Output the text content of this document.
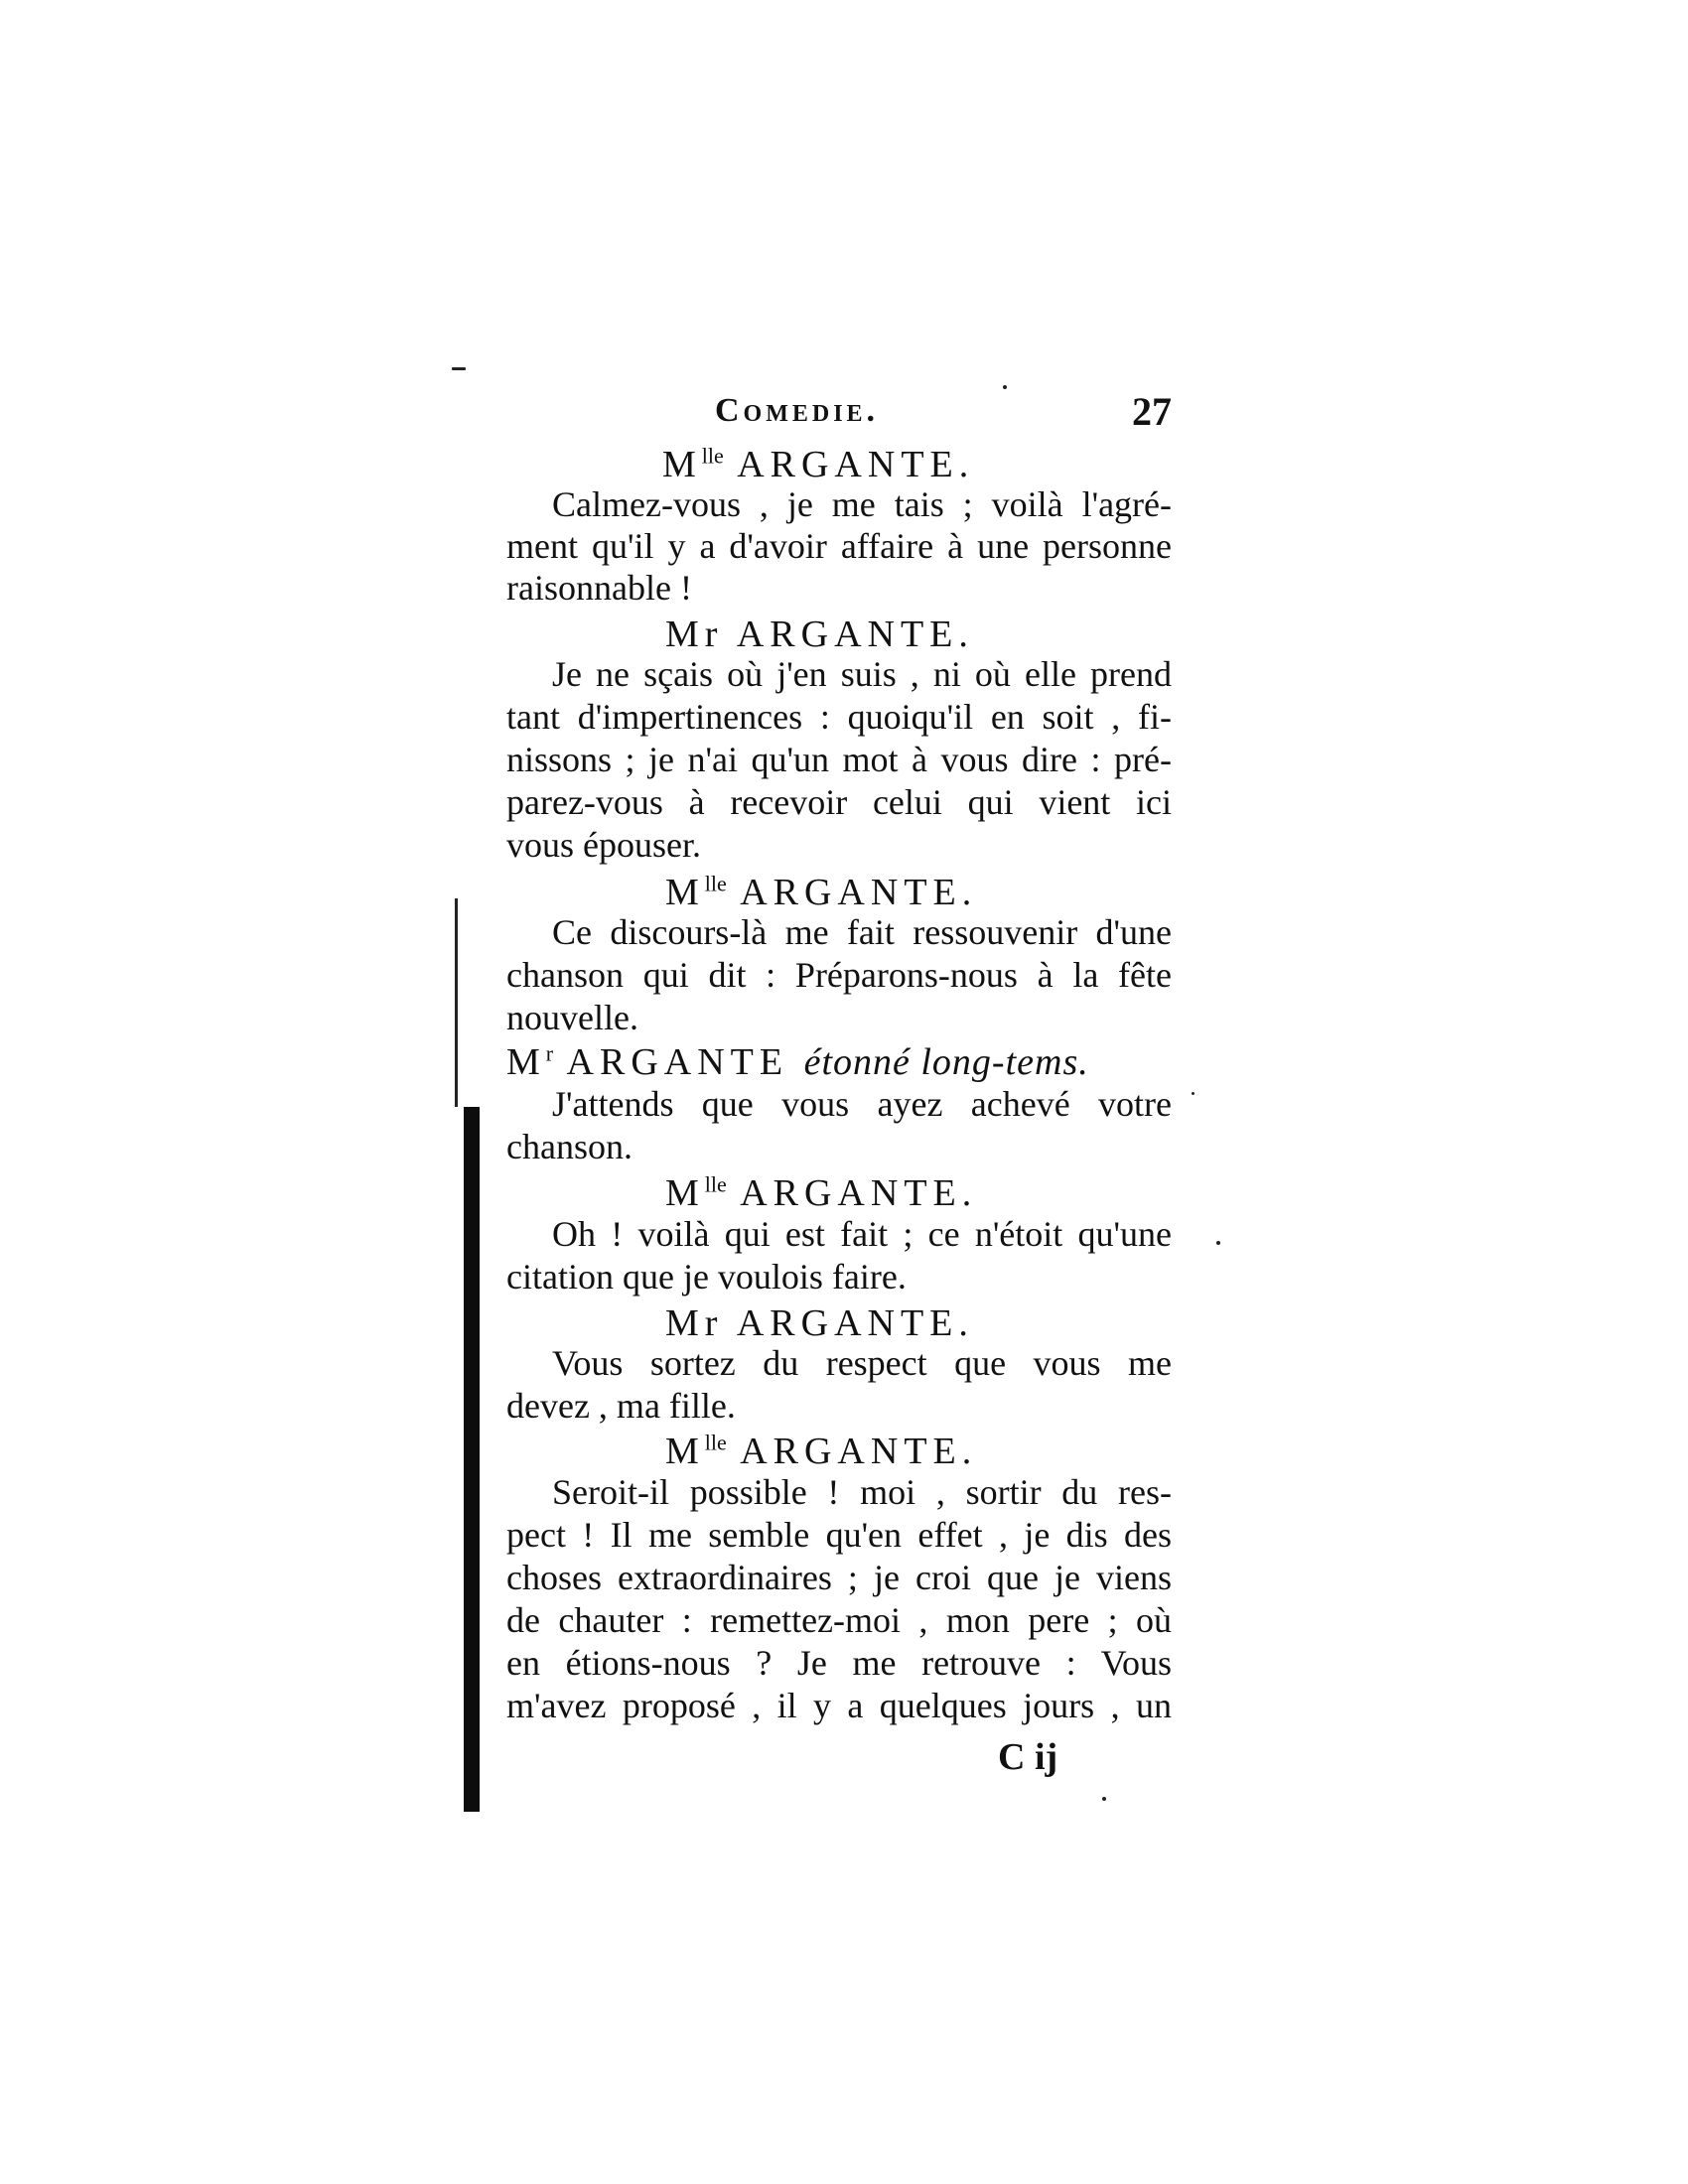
Comedie.	27
$M^{lle}$ ARGANTE.
Calmez-vous , je me tais ; voilà l'agré-
ment qu'il y a d'avoir affaire à une personne
raisonnable !
Mr ARGANTE.
Je ne sçais où j'en suis , ni où elle prend
tant d'impertinences : quoiqu'il en soit , fi-
nissons ; je n'ai qu'un mot à vous dire : pré-
parez-vous à recevoir celui qui vient ici
vous épouser.
$M^{lle}$ ARGANTE.
Ce discours-là me fait ressouvenir d'une
chanson qui dit : Préparons-nous à la fête
nouvelle.
$M^r$ ARGANTE étonné long-tems.
J'attends que vous ayez achevé votre
chanson.
$M^{lle}$ ARGANTE.
Oh ! voilà qui est fait ; ce n'étoit qu'une
citation que je voulois faire.
Mr ARGANTE.
Vous sortez du respect que vous me
devez , ma fille.
$M^{lle}$ ARGANTE.
Seroit-il possible ! moi , sortir du res-
pect ! Il me semble qu'en effet , je dis des
choses extraordinaires ; je croi que je viens
de chauter : remettez-moi , mon pere ; où
en étions-nous ? Je me retrouve : Vous
m'avez proposé , il y a quelques jours , un
C ij
